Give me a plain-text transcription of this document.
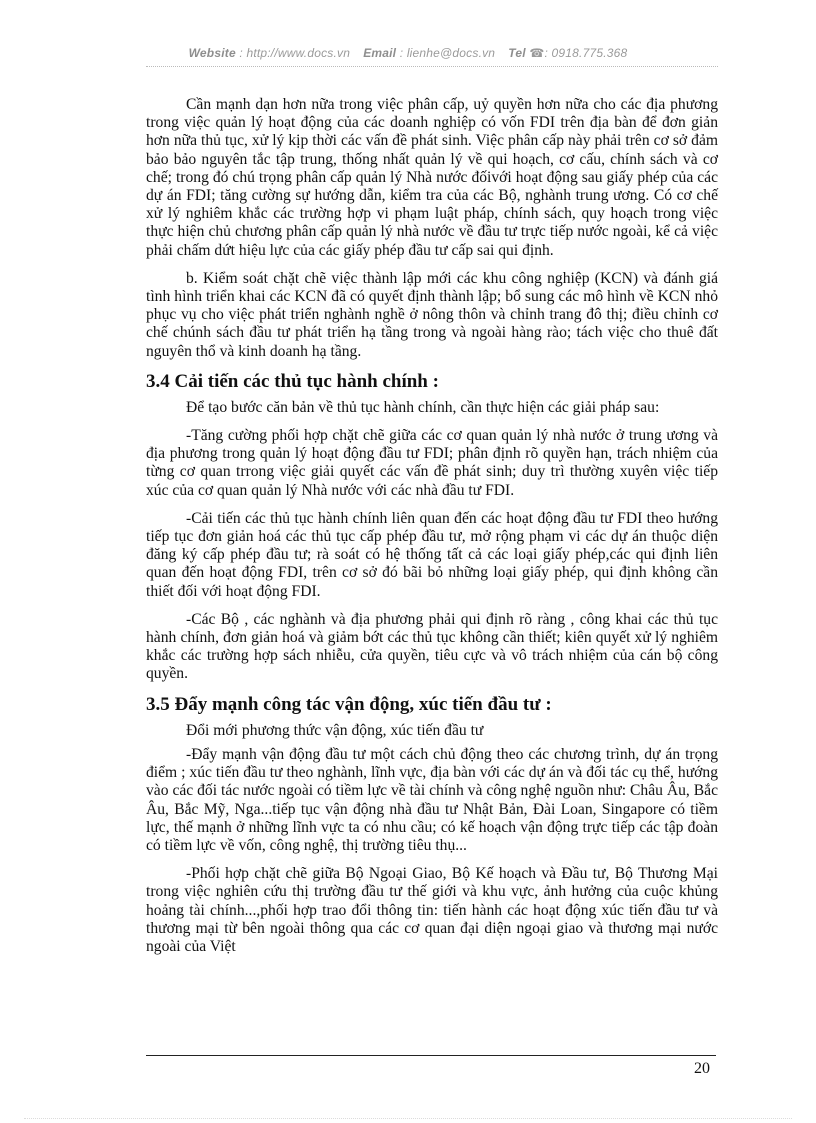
Website : http://www.docs.vn Email : lienhe@docs.vn Tel ☎: 0918.775.368

Cần mạnh dạn hơn nữa trong việc phân cấp, uỷ quyền hơn nữa cho các địa phương trong việc quản lý hoạt động của các doanh nghiệp có vốn FDI trên địa bàn để đơn giản hơn nữa thủ tục, xử lý kịp thời các vấn đề phát sinh. Việc phân cấp này phải trên cơ sở đảm bảo bảo nguyên tắc tập trung, thống nhất quản lý về qui hoạch, cơ cấu, chính sách và cơ chế; trong đó chú trọng phân cấp quản lý Nhà nước đốivới hoạt động sau giấy phép của các dự án FDI; tăng cường sự hướng dẫn, kiểm tra của các Bộ, nghành trung ương. Có cơ chế xử lý nghiêm khắc các trường hợp vi phạm luật pháp, chính sách, quy hoạch trong việc thực hiện chủ chương phân cấp quản lý nhà nước về đầu tư trực tiếp nước ngoài, kể cả việc phải chấm dứt hiệu lực của các giấy phép đầu tư cấp sai qui định.

b. Kiểm soát chặt chẽ việc thành lập mới các khu công nghiệp (KCN) và đánh giá tình hình triển khai các KCN đã có quyết định thành lập; bổ sung các mô hình về KCN nhỏ phục vụ cho việc phát triển nghành nghề ở nông thôn và chỉnh trang đô thị; điều chỉnh cơ chế chúnh sách đầu tư phát triển hạ tầng trong và ngoài hàng rào; tách việc cho thuê đất nguyên thổ và kinh doanh hạ tầng.

3.4 Cải tiến các thủ tục hành chính :

Để tạo bước căn bản về thủ tục hành chính, cần thực hiện các giải pháp sau:

-Tăng cường phối hợp chặt chẽ giữa các cơ quan quản lý nhà nước ở trung ương và địa phương trong quản lý hoạt động đầu tư FDI; phân định rõ quyền hạn, trách nhiệm của từng cơ quan trrong việc giải quyết các vấn đề phát sinh; duy trì thường xuyên việc tiếp xúc của cơ quan quản lý Nhà nước với các nhà đầu tư FDI.

-Cải tiến các thủ tục hành chính liên quan đến các hoạt động đầu tư FDI theo hướng tiếp tục đơn giản hoá các thủ tục cấp phép đầu tư, mở rộng phạm vi các dự án thuộc diện đăng ký cấp phép đầu tư; rà soát có hệ thống tất cả các loại giấy phép,các qui định liên quan đến hoạt động FDI, trên cơ sở đó bãi bỏ những loại giấy phép, qui định không cần thiết đối với hoạt động FDI.

-Các Bộ , các nghành và địa phương phải qui định rõ ràng , công khai các thủ tục hành chính, đơn giản hoá và giảm bớt các thủ tục không cần thiết; kiên quyết xử lý nghiêm khắc các trường hợp sách nhiễu, cửa quyền, tiêu cực và vô trách nhiệm của cán bộ công quyền.

3.5 Đẩy mạnh công tác vận động, xúc tiến đầu tư :

Đổi mới phương thức vận động, xúc tiến đầu tư

-Đẩy mạnh vận động đầu tư một cách chủ động theo các chương trình, dự án trọng điểm ; xúc tiến đầu tư theo nghành, lĩnh vực, địa bàn với các dự án và đối tác cụ thể, hướng vào các đối tác nước ngoài có tiềm lực về tài chính và công nghệ nguồn như: Châu Âu, Bắc Âu, Bắc Mỹ, Nga...tiếp tục vận động nhà đầu tư Nhật Bản, Đài Loan, Singapore có tiềm lực, thế mạnh ở những lĩnh vực ta có nhu cầu; có kế hoạch vận động trực tiếp các tập đoàn có tiềm lực về vốn, công nghệ, thị trường tiêu thụ...

-Phối hợp chặt chẽ giữa Bộ Ngoại Giao, Bộ Kế hoạch và Đầu tư, Bộ Thương Mại trong việc nghiên cứu thị trường đầu tư thế giới và khu vực, ảnh hưởng của cuộc khủng hoảng tài chính...,phối hợp trao đổi thông tin: tiến hành các hoạt động xúc tiến đầu tư và thương mại từ bên ngoài thông qua các cơ quan đại diện ngoại giao và thương mại nước ngoài của Việt

20
